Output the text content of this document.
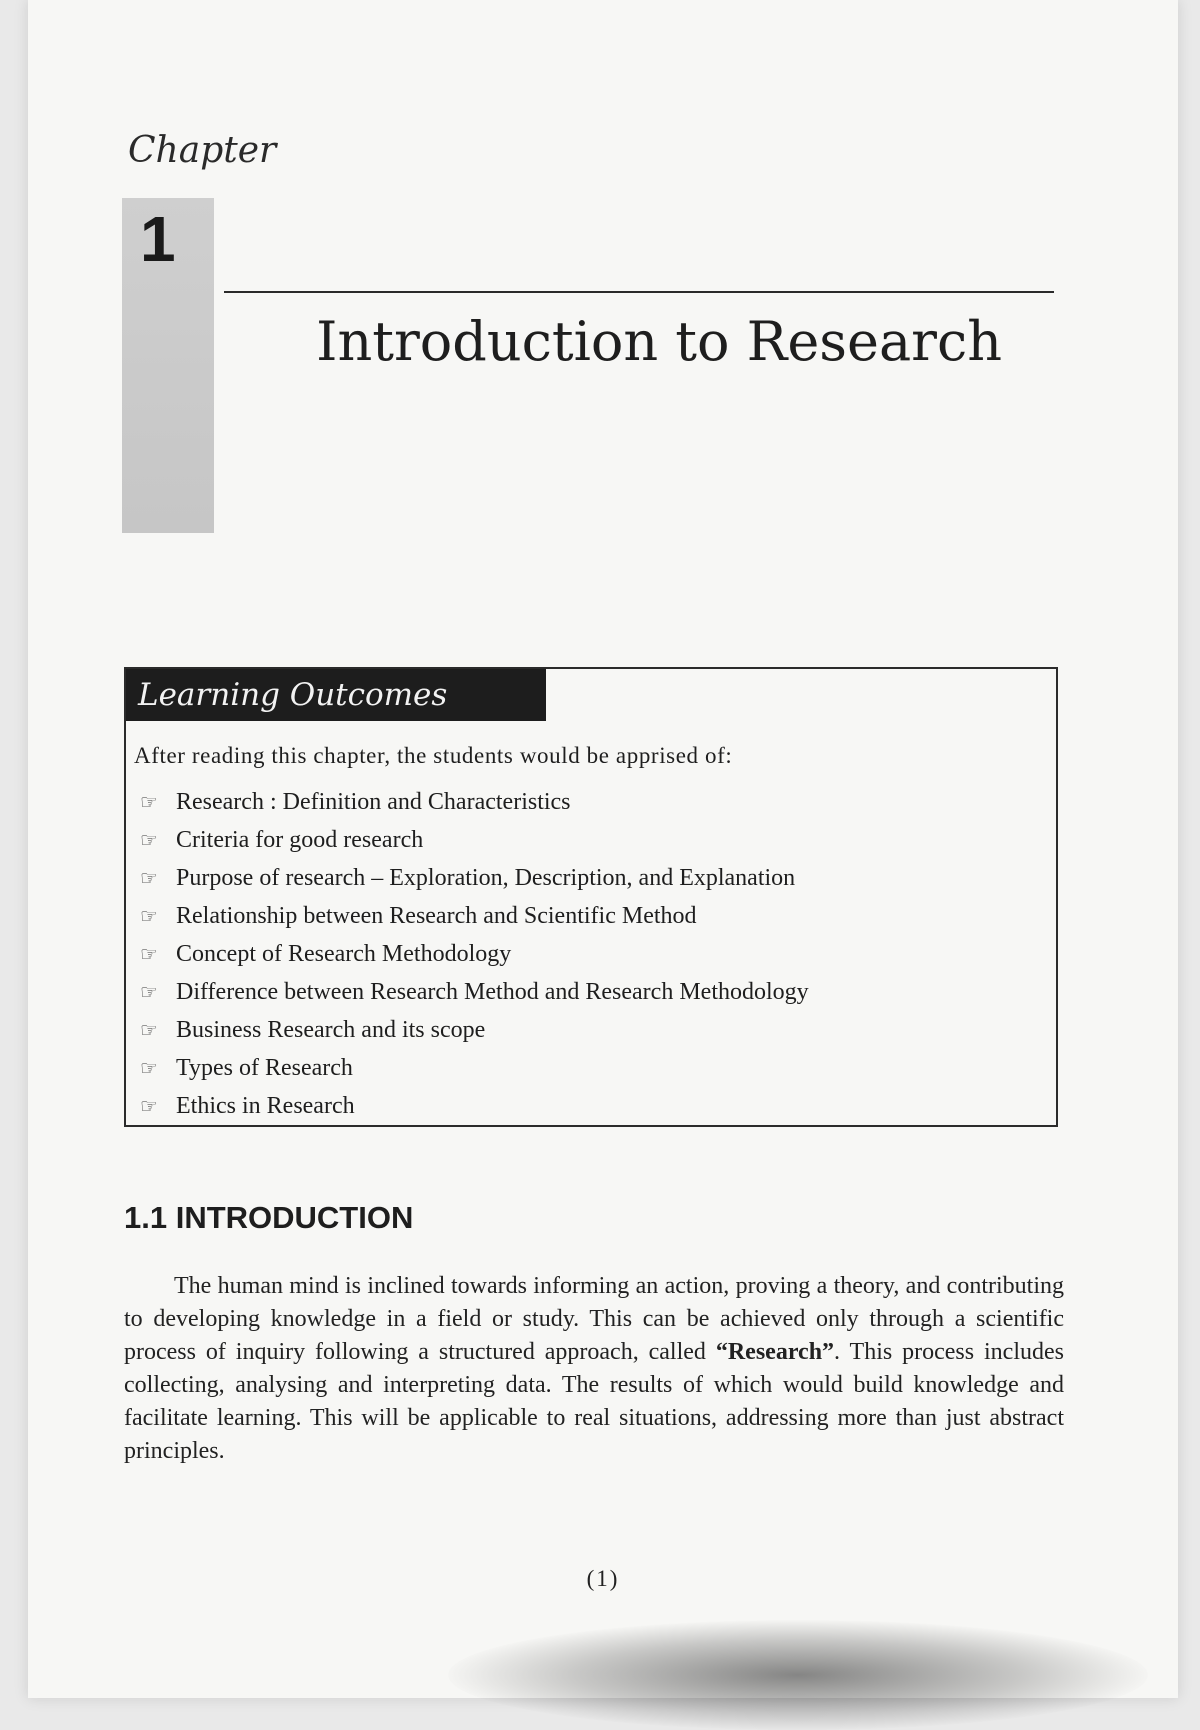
Chapter
1
Introduction to Research
Learning Outcomes
After reading this chapter, the students would be apprised of:
☞ Research : Definition and Characteristics
☞ Criteria for good research
☞ Purpose of research – Exploration, Description, and Explanation
☞ Relationship between Research and Scientific Method
☞ Concept of Research Methodology
☞ Difference between Research Method and Research Methodology
☞ Business Research and its scope
☞ Types of Research
☞ Ethics in Research
1.1 INTRODUCTION

The human mind is inclined towards informing an action, proving a theory, and contributing to developing knowledge in a field or study. This can be achieved only through a scientific process of inquiry following a structured approach, called “Research”. This process includes collecting, analysing and interpreting data. The results of which would build knowledge and facilitate learning. This will be applicable to real situations, addressing more than just abstract principles.

(1)
